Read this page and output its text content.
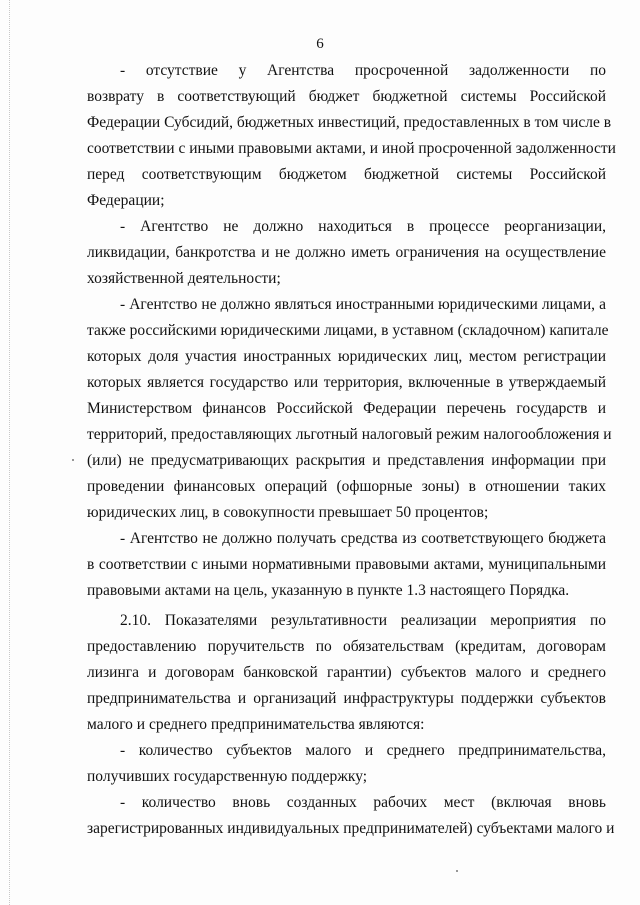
6
- отсутствие у Агентства просроченной задолженности по
возврату в соответствующий бюджет бюджетной системы Российской
Федерации Субсидий, бюджетных инвестиций, предоставленных в том числе в
соответствии с иными правовыми актами, и иной просроченной задолженности
перед соответствующим бюджетом бюджетной системы Российской
Федерации;
- Агентство не должно находиться в процессе реорганизации,
ликвидации, банкротства и не должно иметь ограничения на осуществление
хозяйственной деятельности;
- Агентство не должно являться иностранными юридическими лицами, а
также российскими юридическими лицами, в уставном (складочном) капитале
которых доля участия иностранных юридических лиц, местом регистрации
которых является государство или территория, включенные в утверждаемый
Министерством финансов Российской Федерации перечень государств и
территорий, предоставляющих льготный налоговый режим налогообложения и
(или) не предусматривающих раскрытия и представления информации при
проведении финансовых операций (офшорные зоны) в отношении таких
юридических лиц, в совокупности превышает 50 процентов;
- Агентство не должно получать средства из соответствующего бюджета
в соответствии с иными нормативными правовыми актами, муниципальными
правовыми актами на цель, указанную в пункте 1.3 настоящего Порядка.
2.10. Показателями результативности реализации мероприятия по
предоставлению поручительств по обязательствам (кредитам, договорам
лизинга и договорам банковской гарантии) субъектов малого и среднего
предпринимательства и организаций инфраструктуры поддержки субъектов
малого и среднего предпринимательства являются:
- количество субъектов малого и среднего предпринимательства,
получивших государственную поддержку;
- количество вновь созданных рабочих мест (включая вновь
зарегистрированных индивидуальных предпринимателей) субъектами малого и
